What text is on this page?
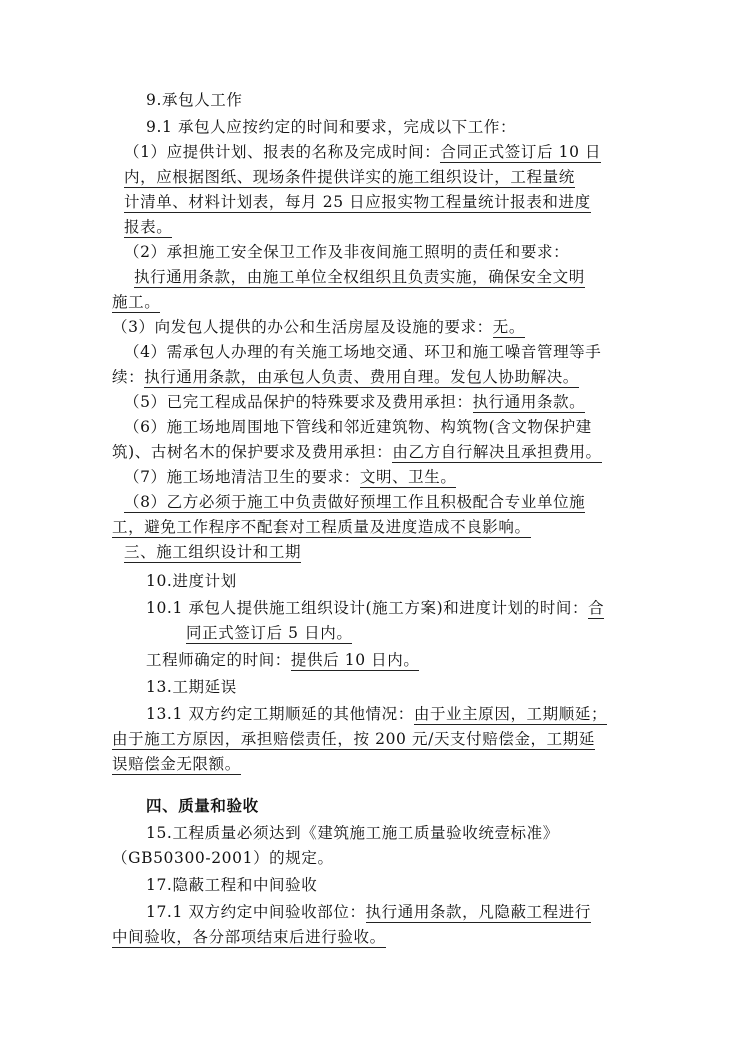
9.承包人工作
9.1 承包人应按约定的时间和要求，完成以下工作：
（1）应提供计划、报表的名称及完成时间：合同正式签订后 10 日
内，应根据图纸、现场条件提供详实的施工组织设计，工程量统
计清单、材料计划表，每月 25 日应报实物工程量统计报表和进度
报表。
（2）承担施工安全保卫工作及非夜间施工照明的责任和要求：
执行通用条款，由施工单位全权组织且负责实施，确保安全文明
施工。
（3）向发包人提供的办公和生活房屋及设施的要求：无。
（4）需承包人办理的有关施工场地交通、环卫和施工噪音管理等手
续：执行通用条款，由承包人负责、费用自理。发包人协助解决。
（5）已完工程成品保护的特殊要求及费用承担：执行通用条款。
（6）施工场地周围地下管线和邻近建筑物、构筑物(含文物保护建
筑)、古树名木的保护要求及费用承担：由乙方自行解决且承担费用。
（7）施工场地清洁卫生的要求：文明、卫生。
（8）乙方必须于施工中负责做好预埋工作且积极配合专业单位施
工，避免工作程序不配套对工程质量及进度造成不良影响。
三、施工组织设计和工期
10.进度计划
10.1 承包人提供施工组织设计(施工方案)和进度计划的时间：合
同正式签订后 5 日内。
工程师确定的时间：提供后 10 日内。
13.工期延误
13.1 双方约定工期顺延的其他情况：由于业主原因，工期顺延；
由于施工方原因，承担赔偿责任，按 200 元/天支付赔偿金，工期延
误赔偿金无限额。
四、质量和验收
15.工程质量必须达到《建筑施工施工质量验收统壹标准》
（GB50300-2001）的规定。
17.隐蔽工程和中间验收
17.1 双方约定中间验收部位：执行通用条款，凡隐蔽工程进行
中间验收，各分部项结束后进行验收。
